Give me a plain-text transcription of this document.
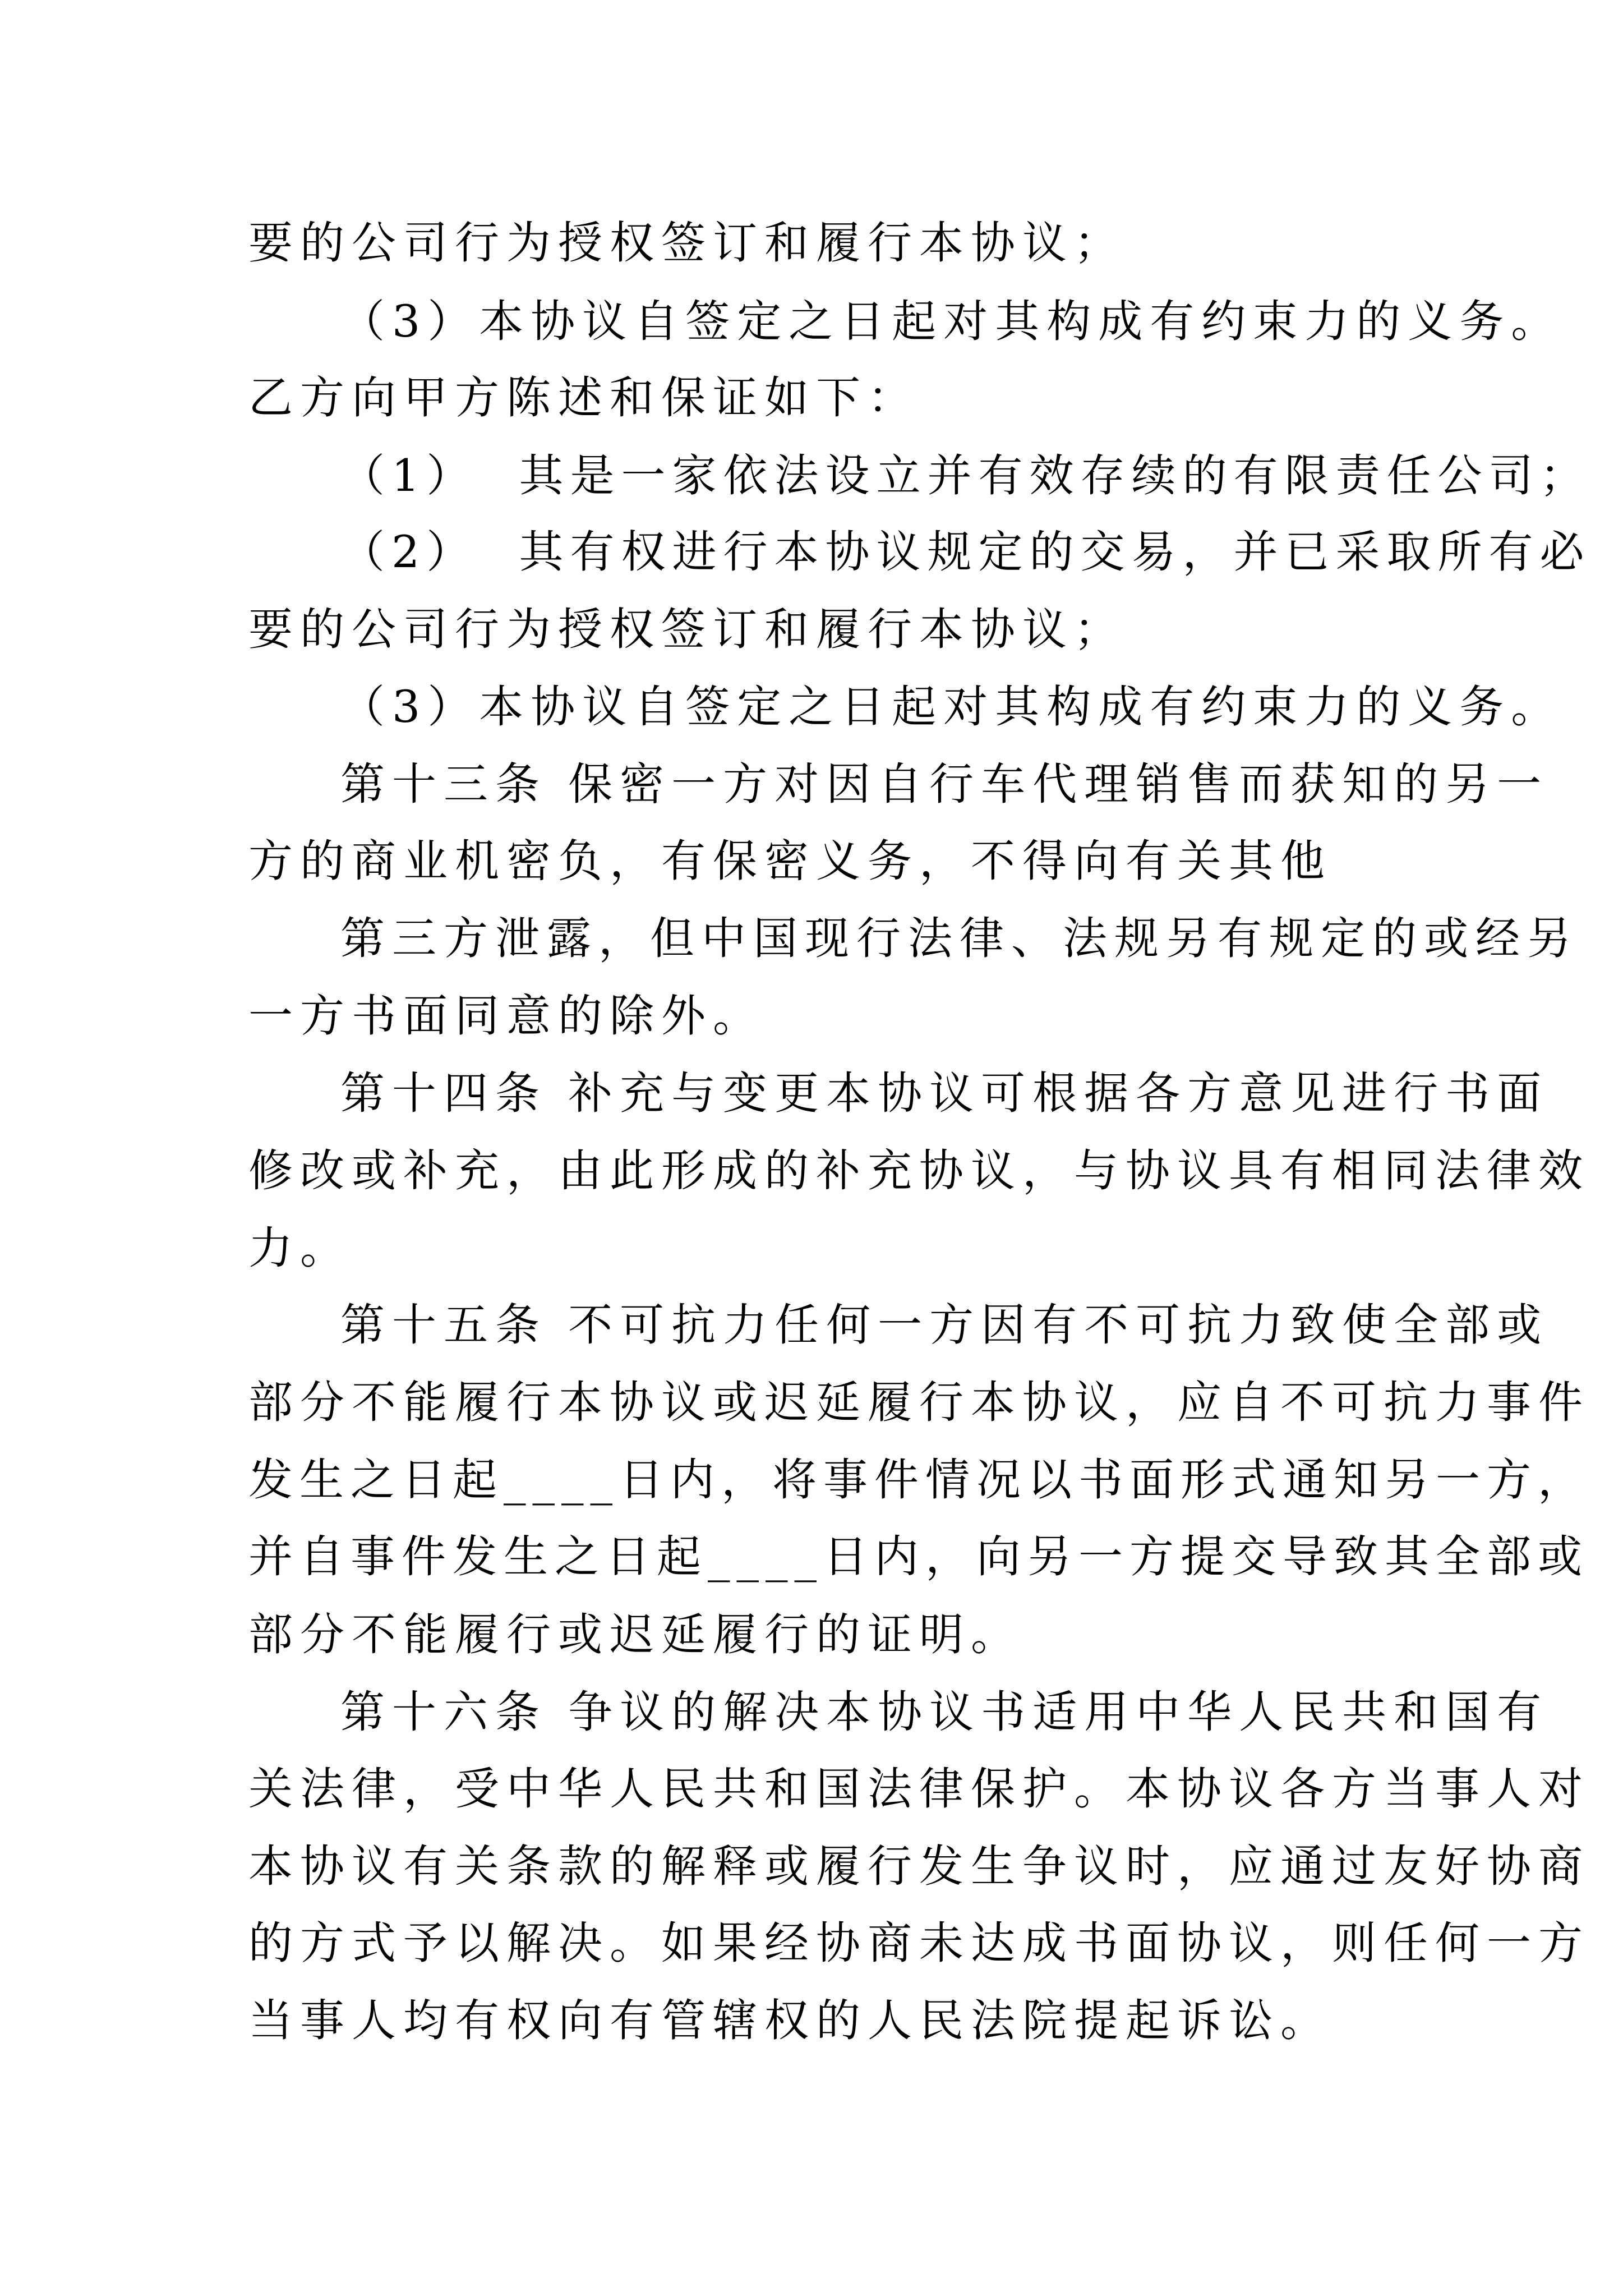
要的公司行为授权签订和履行本协议；
（3）本协议自签定之日起对其构成有约束力的义务。
乙方向甲方陈述和保证如下：
（1）  其是一家依法设立并有效存续的有限责任公司；
（2）  其有权进行本协议规定的交易，并已采取所有必
要的公司行为授权签订和履行本协议；
（3）本协议自签定之日起对其构成有约束力的义务。
第十三条 保密一方对因自行车代理销售而获知的另一
方的商业机密负，有保密义务，不得向有关其他
第三方泄露，但中国现行法律、法规另有规定的或经另
一方书面同意的除外。
第十四条 补充与变更本协议可根据各方意见进行书面
修改或补充，由此形成的补充协议，与协议具有相同法律效
力。
第十五条 不可抗力任何一方因有不可抗力致使全部或
部分不能履行本协议或迟延履行本协议，应自不可抗力事件
发生之日起____日内，将事件情况以书面形式通知另一方，
并自事件发生之日起____日内，向另一方提交导致其全部或
部分不能履行或迟延履行的证明。
第十六条 争议的解决本协议书适用中华人民共和国有
关法律，受中华人民共和国法律保护。本协议各方当事人对
本协议有关条款的解释或履行发生争议时，应通过友好协商
的方式予以解决。如果经协商未达成书面协议，则任何一方
当事人均有权向有管辖权的人民法院提起诉讼。
